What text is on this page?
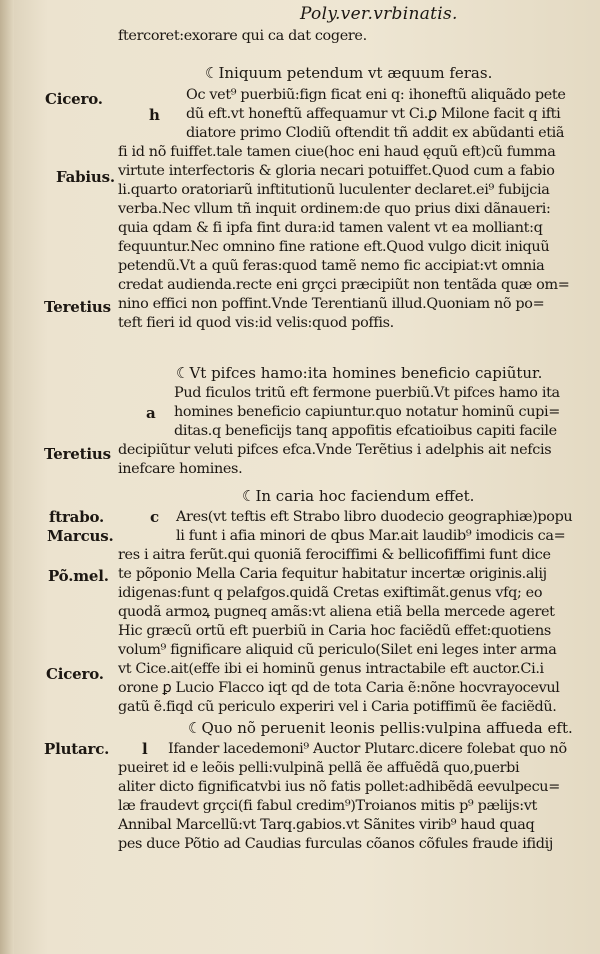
Poly.ver.vrbinatis.
ftercoret:exorare qui ca dat cogere.
☾Iniquum petendum vt æquum feras.
Cicero.
h
Oc vet⁹ puerbiũ:fign ficat eni q: ihoneftũ aliquãdo pete
dũ eft.vt honeftũ affequamur vt Ci.ꝑ Milone facit q ifti
diatore primo Clodiũ oftendit tñ addit ex abũdanti etiã
fi id nõ fuiffet.tale tamen ciue(hoc eni haud ęquũ eft)cũ fumma
Fabius. virtute interfectoris & gloria necari potuiffet.Quod cum a fabio
li.quarto oratoriarũ inftitutionũ luculenter declaret.ei⁹ fubijcia
verba.Nec vllum tñ inquit ordinem:de quo prius dixi dãnaueri:
quia qdam & fi ipfa fint dura:id tamen valent vt ea molliant:q
fequuntur.Nec omnino fine ratione eft.Quod vulgo dicit iniquũ
petendũ.Vt a quũ feras:quod tamẽ nemo fic accipiat:vt omnia
credat audienda.recte eni grçci præcipiũt non tentãda quæ om=
Teretius nino effici non poffint.Vnde Terentianũ illud.Quoniam nõ po=
teft fieri id quod vis:id velis:quod poffis.
☾Vt pifces hamo:ita homines beneficio capiũtur.
Pud ficulos tritũ eft fermone puerbiũ.Vt pifces hamo ita
a homines beneficio capiuntur.quo notatur hominũ cupi=
ditas.q beneficijs tanq appofitis efcatioibus capiti facile
Teretius decipiũtur veluti pifces efca.Vnde Terẽtius i adelphis ait nefcis
inefcare homines.
☾In caria hoc faciendum effet.
ftrabo.	c Ares(vt teftis eft Strabo libro duodecio geographiæ)popu
Marcus.	li funt i afia minori de qbus Mar.ait laudib⁹ imodicis ca=
res i aitra ferũt.qui quoniã ferociffimi & bellicofiffimi funt dice
Põ.mel. te põponio Mella Caria fequitur habitatur incertæ originis.alij
idigenas:funt q pelafgos.quidã Cretas exiftimãt.genus vfq; eo
quodã armoꝝ pugneq amãs:vt aliena etiã bella mercede ageret
Hic græcũ ortũ eft puerbiũ in Caria hoc faciẽdũ effet:quotiens
volum⁹ fignificare aliquid cũ periculo(Silet eni leges inter arma
Cicero. vt Cice.ait(effe ibi ei hominũ genus intractabile eft auctor.Ci.i
orone ꝑ Lucio Flacco iqt qd de tota Caria ẽ:nõne hocvrayocevul
gatũ ẽ.fiqd cũ periculo experiri vel i Caria potiffimũ ẽe faciẽdũ.
☾Quo nõ peruenit leonis pellis:vulpina affueda eft.
Plutarc. l Ifander lacedemoni⁹ Auctor Plutarc.dicere folebat quo nõ
pueiret id e leõis pelli:vulpinã pellã ẽe affuẽdã quo,puerbi
aliter dicto fignificatvbi ius nõ fatis pollet:adhibẽdã eevulpecu=
læ fraudevt grçci(fi fabul credim⁹)Troianos mitis p⁹ pælijs:vt
Annibal Marcellũ:vt Tarq.gabios.vt Sãnites virib⁹ haud quaq
pes duce Põtio ad Caudias furculas cõanos cõfules fraude ifidij
